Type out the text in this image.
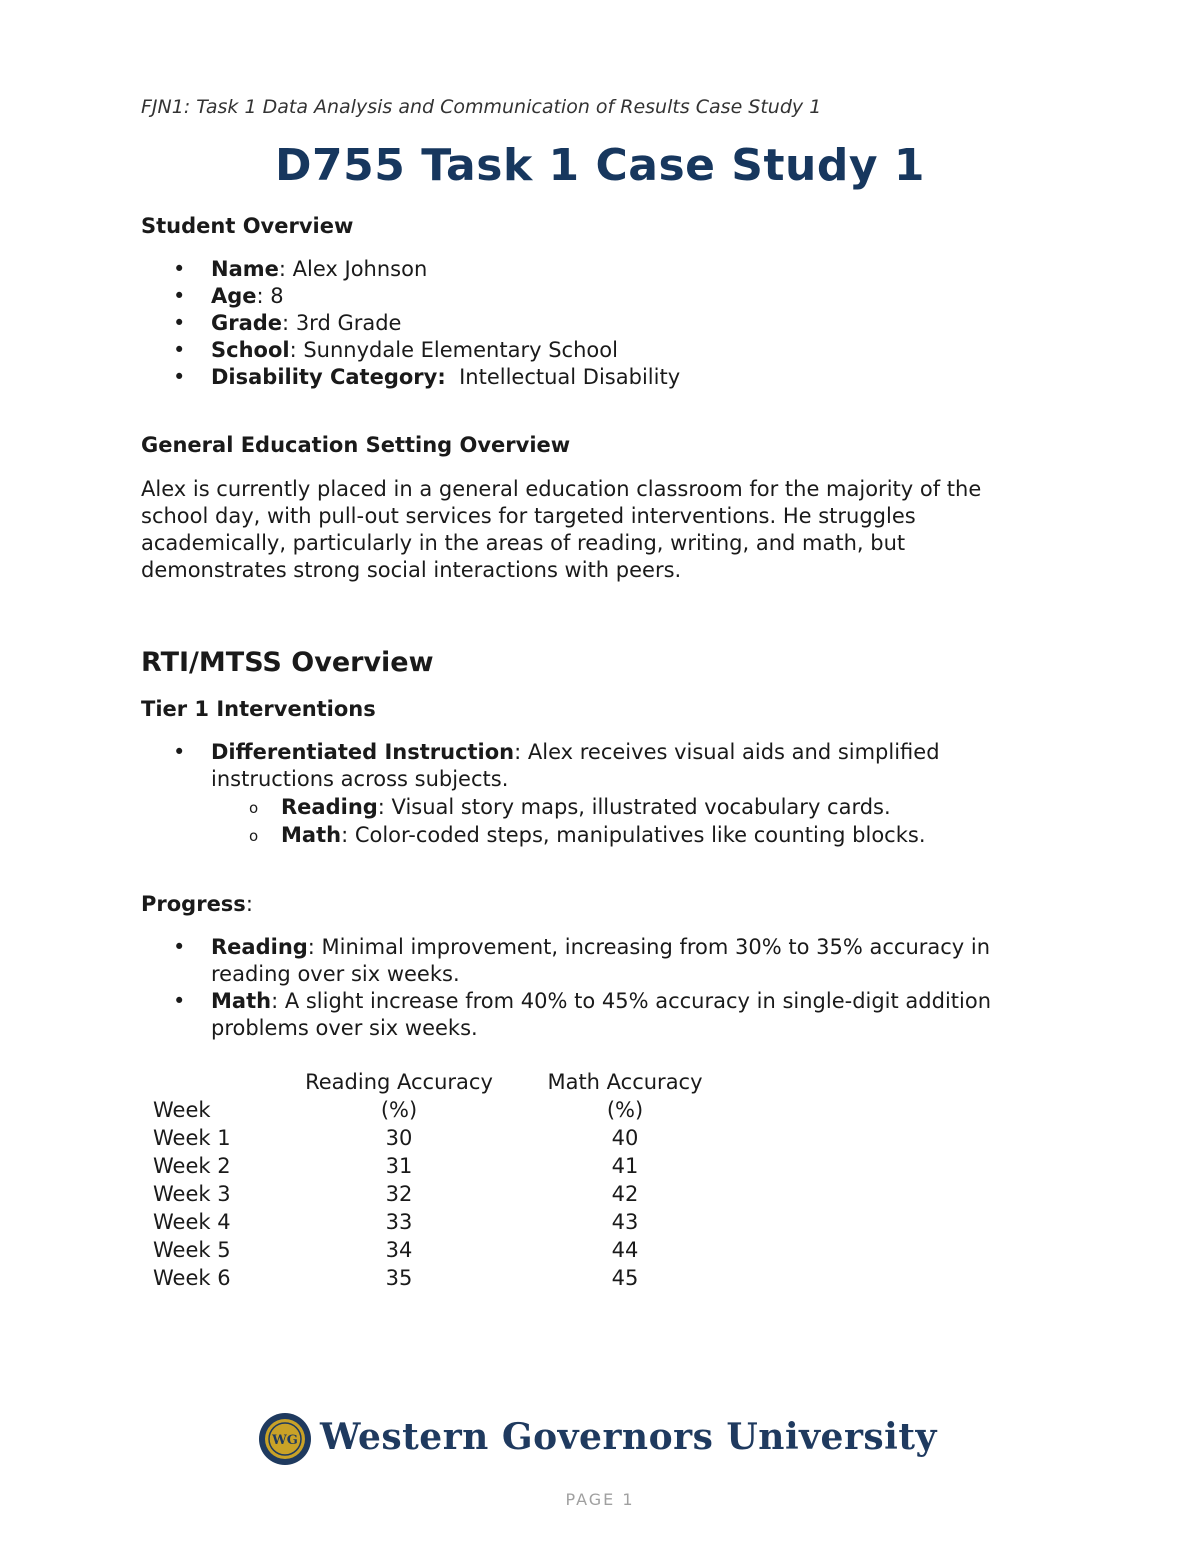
FJN1: Task 1 Data Analysis and Communication of Results Case Study 1
D755 Task 1 Case Study 1
Student Overview
• Name: Alex Johnson
• Age: 8
• Grade: 3rd Grade
• School: Sunnydale Elementary School
• Disability Category: Intellectual Disability
General Education Setting Overview
Alex is currently placed in a general education classroom for the majority of the
school day, with pull-out services for targeted interventions. He struggles
academically, particularly in the areas of reading, writing, and math, but
demonstrates strong social interactions with peers.
RTI/MTSS Overview
Tier 1 Interventions
• Differentiated Instruction: Alex receives visual aids and simplified
instructions across subjects.
o Reading: Visual story maps, illustrated vocabulary cards.
o Math: Color-coded steps, manipulatives like counting blocks.
Progress:
• Reading: Minimal improvement, increasing from 30% to 35% accuracy in
reading over six weeks.
• Math: A slight increase from 40% to 45% accuracy in single-digit addition
problems over six weeks.
	Reading Accuracy	Math Accuracy
Week	(%)	(%)
Week 1	30	40
Week 2	31	41
Week 3	32	42
Week 4	33	43
Week 5	34	44
Week 6	35	45
WG Western Governors University
PAGE 1
